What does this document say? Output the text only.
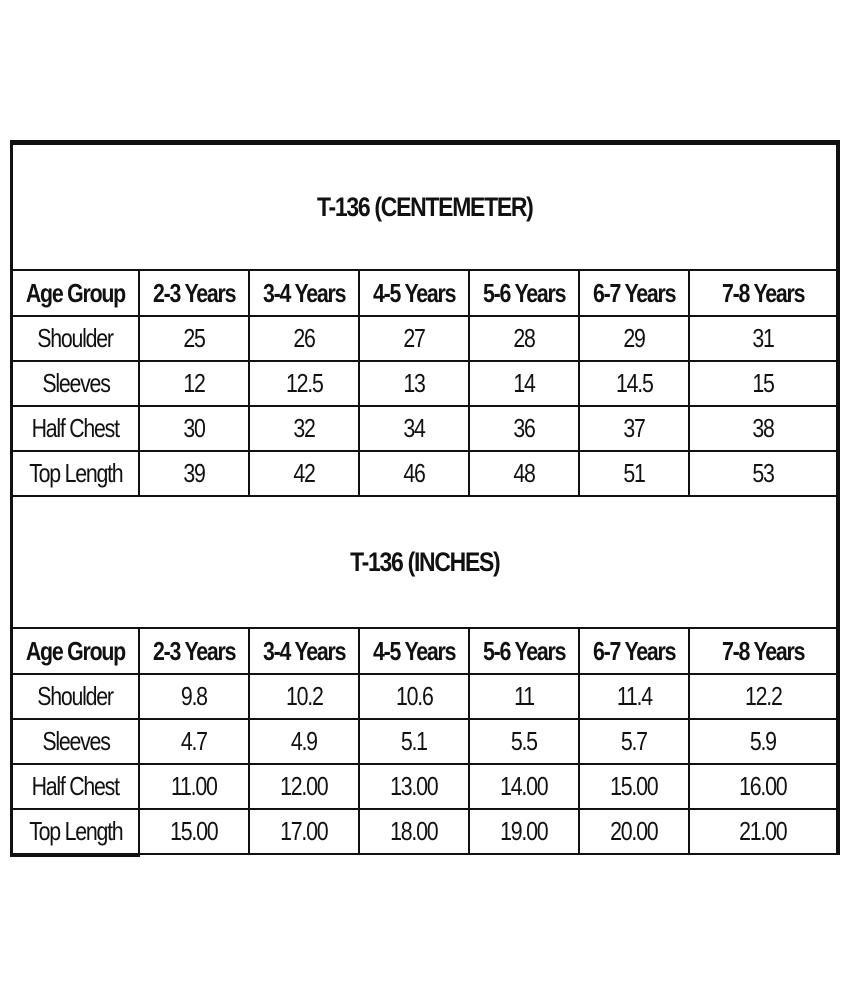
T-136 (CENTEMETER)						
Age Group	2-3 Years	3-4 Years	4-5 Years	5-6 Years	6-7 Years	7-8 Years
Shoulder	25	26	27	28	29	31
Sleeves	12	12.5	13	14	14.5	15
Half Chest	30	32	34	36	37	38
Top Length	39	42	46	48	51	53
T-136 (INCHES)						
Age Group	2-3 Years	3-4 Years	4-5 Years	5-6 Years	6-7 Years	7-8 Years
Shoulder	9.8	10.2	10.6	11	11.4	12.2
Sleeves	4.7	4.9	5.1	5.5	5.7	5.9
Half Chest	11.00	12.00	13.00	14.00	15.00	16.00
Top Length	15.00	17.00	18.00	19.00	20.00	21.00
